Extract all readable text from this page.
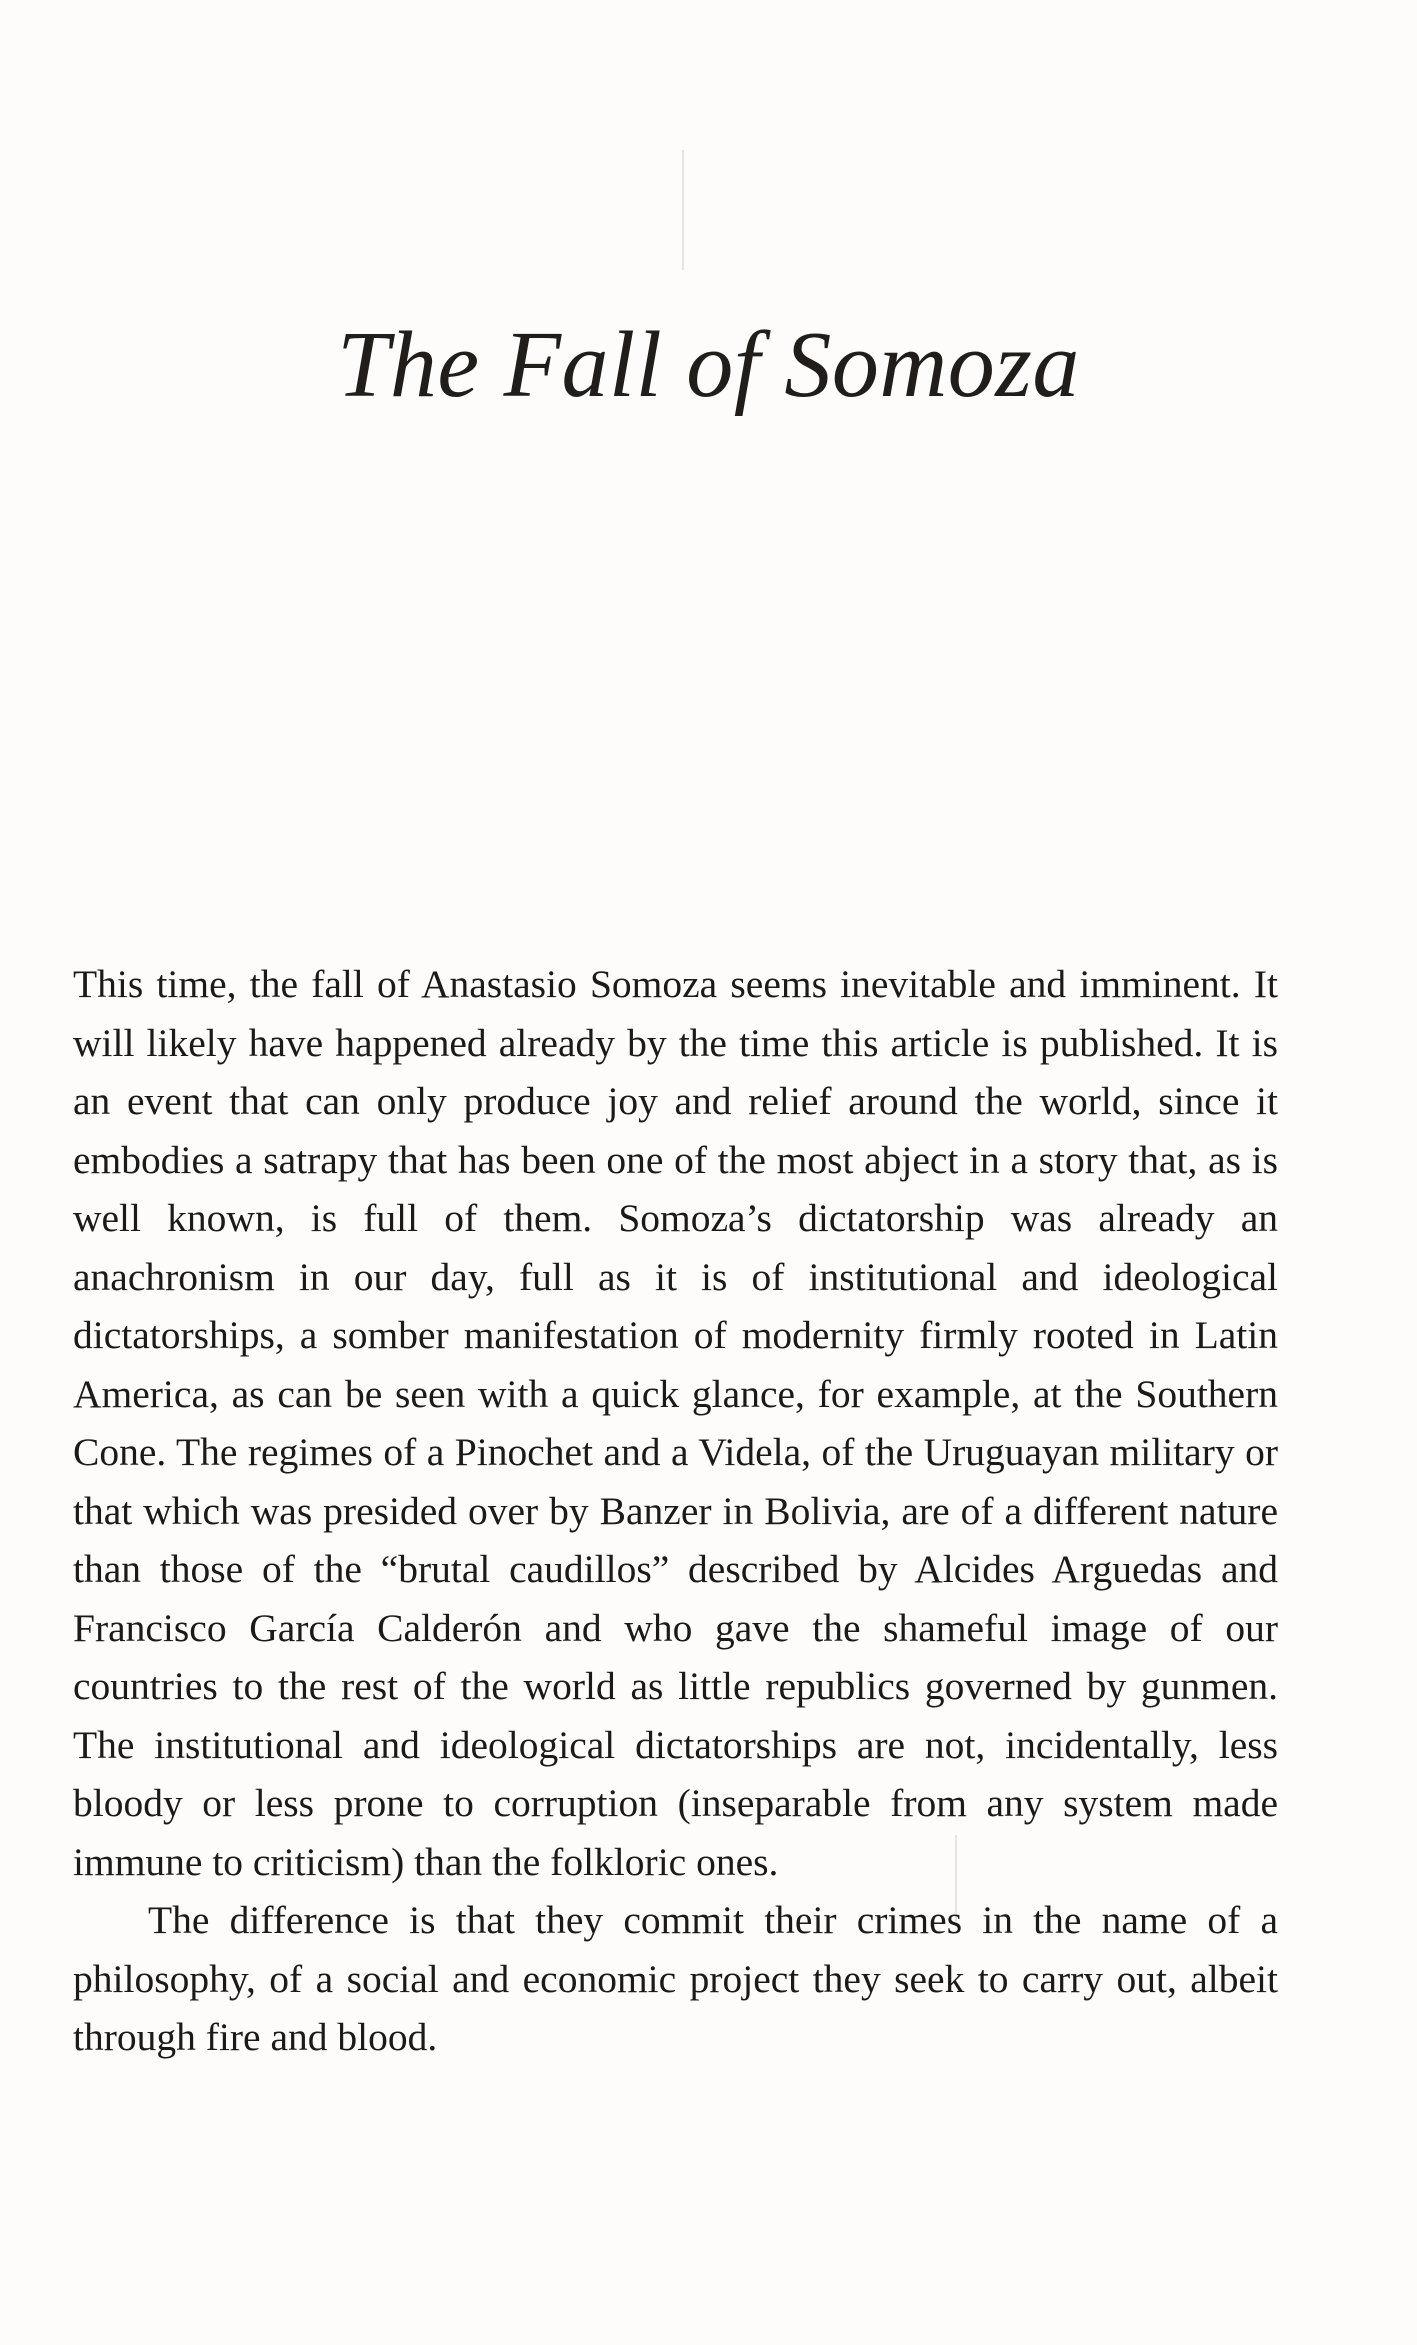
The Fall of Somoza

This time, the fall of Anastasio Somoza seems inevitable and imminent. It will likely have happened already by the time this article is published. It is an event that can only produce joy and relief around the world, since it embodies a satrapy that has been one of the most abject in a story that, as is well known, is full of them. Somoza’s dictatorship was already an anachronism in our day, full as it is of institutional and ideological dictatorships, a somber manifestation of modernity firmly rooted in Latin America, as can be seen with a quick glance, for example, at the Southern Cone. The regimes of a Pinochet and a Videla, of the Uruguayan military or that which was presided over by Banzer in Bolivia, are of a different nature than those of the “brutal caudillos” described by Alcides Arguedas and Francisco García Calderón and who gave the shameful image of our countries to the rest of the world as little republics governed by gunmen. The institutional and ideological dictatorships are not, incidentally, less bloody or less prone to corruption (inseparable from any system made immune to criticism) than the folkloric ones.

The difference is that they commit their crimes in the name of a philosophy, of a social and economic project they seek to carry out, albeit through fire and blood.
